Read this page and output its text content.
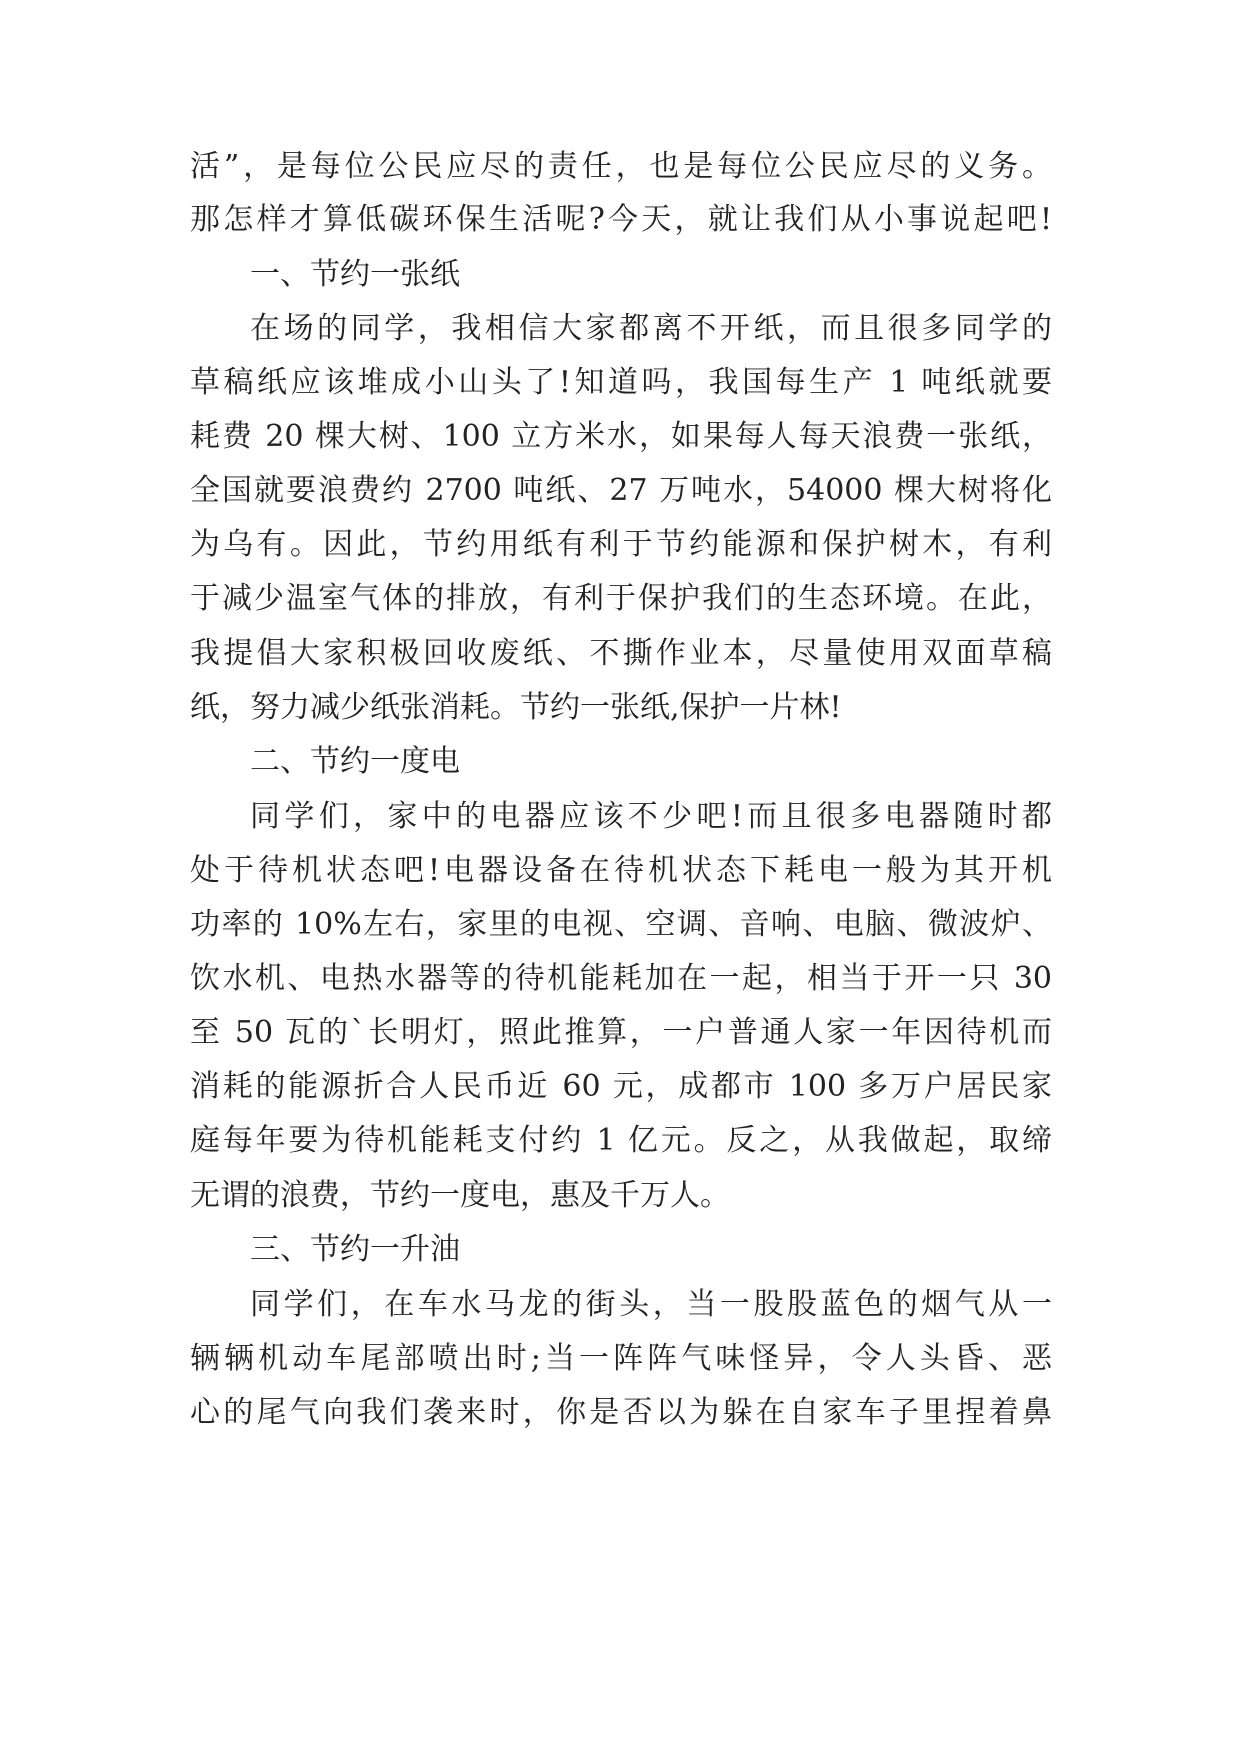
活”，是每位公民应尽的责任，也是每位公民应尽的义务。
那怎样才算低碳环保生活呢?今天，就让我们从小事说起吧!
一、节约一张纸
在场的同学，我相信大家都离不开纸，而且很多同学的
草稿纸应该堆成小山头了!知道吗，我国每生产 1 吨纸就要
耗费 20 棵大树、100 立方米水，如果每人每天浪费一张纸，
全国就要浪费约 2700 吨纸、27 万吨水，54000 棵大树将化
为乌有。因此，节约用纸有利于节约能源和保护树木，有利
于减少温室气体的排放，有利于保护我们的生态环境。在此，
我提倡大家积极回收废纸、不撕作业本，尽量使用双面草稿
纸，努力减少纸张消耗。节约一张纸,保护一片林!
二、节约一度电
同学们，家中的电器应该不少吧!而且很多电器随时都
处于待机状态吧!电器设备在待机状态下耗电一般为其开机
功率的 10%左右，家里的电视、空调、音响、电脑、微波炉、
饮水机、电热水器等的待机能耗加在一起，相当于开一只 30
至 50 瓦的`长明灯，照此推算，一户普通人家一年因待机而
消耗的能源折合人民币近 60 元，成都市 100 多万户居民家
庭每年要为待机能耗支付约 1 亿元。反之，从我做起，取缔
无谓的浪费，节约一度电，惠及千万人。
三、节约一升油
同学们，在车水马龙的街头，当一股股蓝色的烟气从一
辆辆机动车尾部喷出时;当一阵阵气味怪异，令人头昏、恶
心的尾气向我们袭来时，你是否以为躲在自家车子里捏着鼻
